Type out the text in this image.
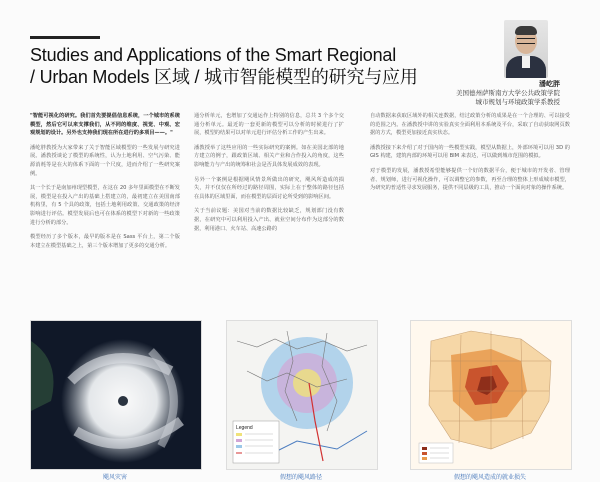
Studies and Applications of the Smart Regional
/ Urban Models 区域 / 城市智能模型的研究与应用	潘屹胖
美国德州萨斯南方大学公共政策学院
城市规划与环境政策学系教授

"智能可视化的研究。我们首先要提倡信息系统，一个城市的系统模型，然后它可以来支撑我们，从不同的维度、视觉、中观、宏观规划的设计。另外也支持我们现在所在进行的多项目——。"

潘屹胖教授为大家带来了关于智能区域模型的一些发展与研究进展。潘教授谈论了模型的系统性，认为土地利用、空气污染、能源消耗等是在大的体系下面的一个尺度，进而介绍了一些研究案例。

其一个长于是南加州现型模型，在这在 20 多年里面模型在不断发展，模型是在投入产出的基础上搭建立的，最初建立在美国南部机构里，有 5 个具的政策，包括土地利用政策、交通政策的经济影响进行评估。模型发展后也可在体系的模型下对新的一些政策进行分析的部分。

模型经历了多个版本，最早的版本是在 Sass 平台上，第二个版本建立在模型基础之上，第三个版本增加了更多的交通分析。

通分析单元，也增加了交通运作上特别的信息，总共 3 个多个交通分析单元。最近的一套更新的模型可以分析的时候进行了扩展，模型的结果可以对单元进行评估分析工作的产生出来。

潘教授举了这些应用的一些实际研究的案例。如在美国北部的地方建立的例子，跟政策区域、相关产业和合作投入的角度，这些影响能力与产出的统筹和社会是否具体发展成效的表现。

另外一个案例是根据飓风情景所做出的研究，飓风所造成的损失，并不仅仅在所经过的路径周围，实际上在于整体的路径包括在具体的区域里面，而在模型的层面讨论所受到的影响区间。

关于当前议题：美国对当前的数据比较缺乏，规划部门没有数据，在研究中可以利用投入产出、就业空间分布作为这部分的数据，利用港口、火车站、高速公路的

自动数据来获取区域外的相关连数据，结过政策分析的成果是在一个合理的、可以接受的范围之内。在潘教授中讲的实验真实全面利用本系统及平台，采取了自动获取网页数据的方式，模型更加接近真实状态。

潘教授接下来介绍了对于国内的一些模型实践，模型从数据上，外部环境可以用 3D 的 GIS 构建，建筑内部的环境可以用 BIM 来表达，可以做到城市范围的模拟。

对于模型的发展，潘教授希望能够提供一个好的数据平台，便于城市的开发者、管理者、规划师，进行可视化操作，可以调整它的参数，再至合理的整体上形成城市模型，为研究的普适性寻求发展服务，提供不同层级的工具，推动一个面向对象的操作系统。

飓风灾害
Legend
假想的飓风路径	假想的飓风造成的就业损失
